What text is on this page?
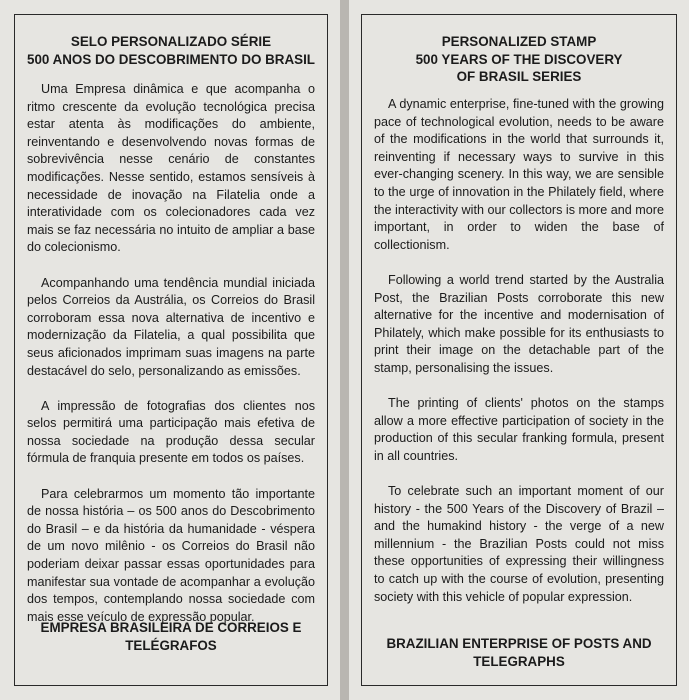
SELO PERSONALIZADO SÉRIE
500 ANOS DO DESCOBRIMENTO DO BRASIL

Uma Empresa dinâmica e que acompanha o ritmo crescente da evolução tecnológica precisa estar atenta às modificações do ambiente, reinventando e desenvolvendo novas formas de sobrevivência nesse cenário de constantes modificações. Nesse sentido, estamos sensíveis à necessidade de inovação na Filatelia onde a interatividade com os colecionadores cada vez mais se faz necessária no intuito de ampliar a base do colecionismo.

Acompanhando uma tendência mundial iniciada pelos Correios da Austrália, os Correios do Brasil corroboram essa nova alternativa de incentivo e modernização da Filatelia, a qual possibilita que seus aficionados imprimam suas imagens na parte destacável do selo, personalizando as emissões.

A impressão de fotografias dos clientes nos selos permitirá uma participação mais efetiva de nossa sociedade na produção dessa secular fórmula de franquia presente em todos os países.

Para celebrarmos um momento tão importante de nossa história – os 500 anos do Descobrimento do Brasil – e da história da humanidade - véspera de um novo milênio - os Correios do Brasil não poderiam deixar passar essas oportunidades para manifestar sua vontade de acompanhar a evolução dos tempos, contemplando nossa sociedade com mais esse veículo de expressão popular.

EMPRESA BRASILEIRA DE CORREIOS E
TELÉGRAFOS
PERSONALIZED STAMP
500 YEARS OF THE DISCOVERY
OF BRASIL SERIES

A dynamic enterprise, fine-tuned with the growing pace of technological evolution, needs to be aware of the modifications in the world that surrounds it, reinventing if necessary ways to survive in this ever-changing scenery. In this way, we are sensible to the urge of innovation in the Philately field, where the interactivity with our collectors is more and more important, in order to widen the base of collectionism.

Following a world trend started by the Australia Post, the Brazilian Posts corroborate this new alternative for the incentive and modernisation of Philately, which make possible for its enthusiasts to print their image on the detachable part of the stamp, personalising the issues.

The printing of clients' photos on the stamps allow a more effective participation of society in the production of this secular franking formula, present in all countries.

To celebrate such an important moment of our history - the 500 Years of the Discovery of Brazil – and the humakind history - the verge of a new millennium - the Brazilian Posts could not miss these opportunities of expressing their willingness to catch up with the course of evolution, presenting society with this vehicle of popular expression.

BRAZILIAN ENTERPRISE OF POSTS AND
TELEGRAPHS
